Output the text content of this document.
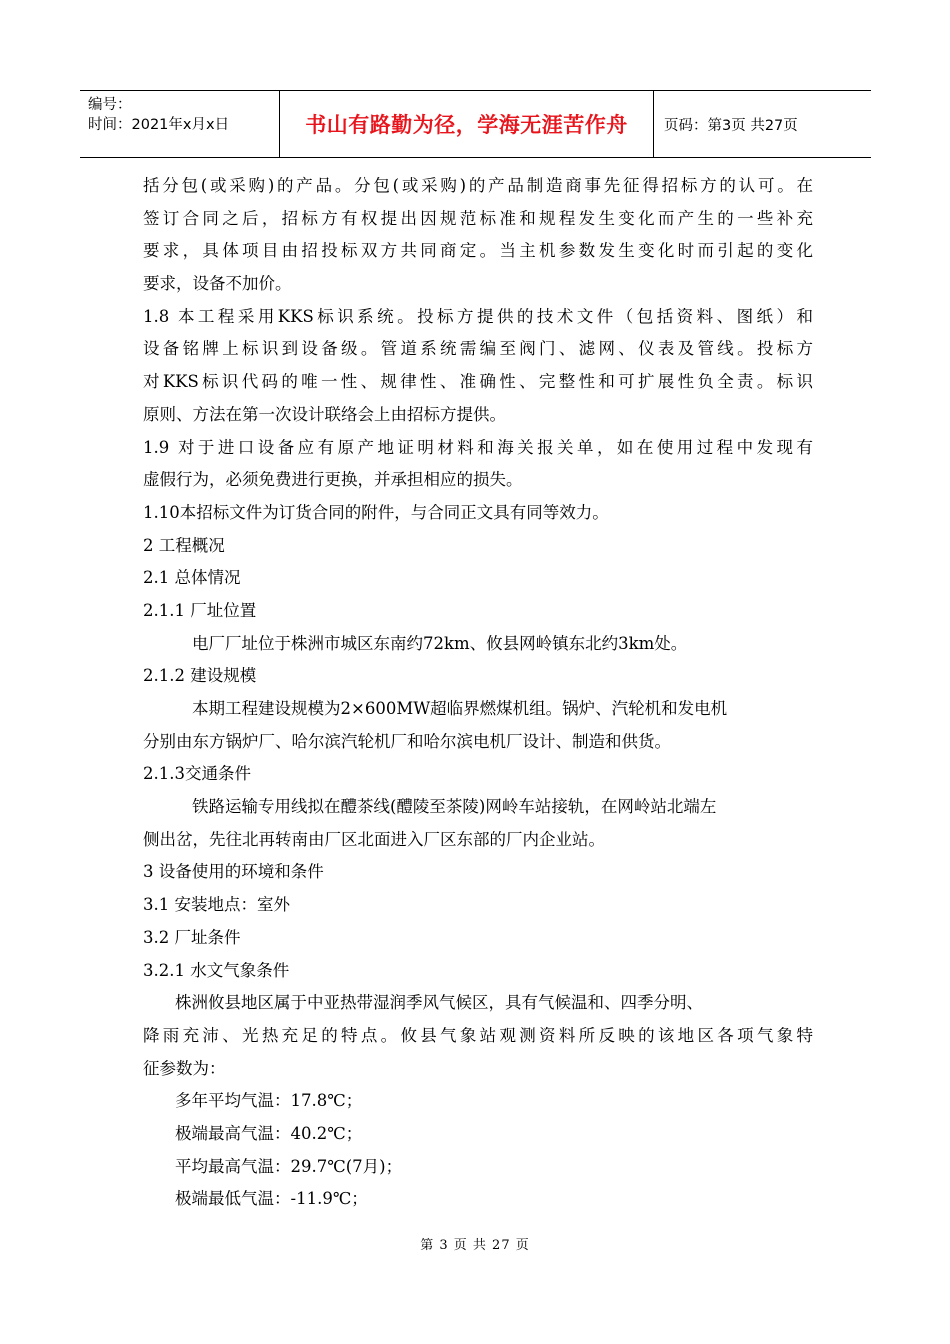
编号：
时间：2021年x月x日	书山有路勤为径，学海无涯苦作舟	页码：第3页 共27页
括分包(或采购)的产品。分包(或采购)的产品制造商事先征得招标方的认可。在
签订合同之后，招标方有权提出因规范标准和规程发生变化而产生的一些补充
要求，具体项目由招投标双方共同商定。当主机参数发生变化时而引起的变化
要求，设备不加价。
1.8 本工程采用KKS标识系统。投标方提供的技术文件（包括资料、图纸）和
设备铭牌上标识到设备级。管道系统需编至阀门、滤网、仪表及管线。投标方
对KKS标识代码的唯一性、规律性、准确性、完整性和可扩展性负全责。标识
原则、方法在第一次设计联络会上由招标方提供。
1.9 对于进口设备应有原产地证明材料和海关报关单，如在使用过程中发现有
虚假行为，必须免费进行更换，并承担相应的损失。
1.10本招标文件为订货合同的附件，与合同正文具有同等效力。
2 工程概况
2.1 总体情况
2.1.1 厂址位置
电厂厂址位于株洲市城区东南约72km、攸县网岭镇东北约3km处。
2.1.2 建设规模
本期工程建设规模为2×600MW超临界燃煤机组。锅炉、汽轮机和发电机
分别由东方锅炉厂、哈尔滨汽轮机厂和哈尔滨电机厂设计、制造和供货。
2.1.3交通条件
铁路运输专用线拟在醴茶线(醴陵至茶陵)网岭车站接轨，在网岭站北端左
侧出岔，先往北再转南由厂区北面进入厂区东部的厂内企业站。
3 设备使用的环境和条件
3.1 安装地点：室外
3.2 厂址条件
3.2.1 水文气象条件
株洲攸县地区属于中亚热带湿润季风气候区，具有气候温和、四季分明、
降雨充沛、光热充足的特点。攸县气象站观测资料所反映的该地区各项气象特
征参数为：
多年平均气温：17.8℃；
极端最高气温：40.2℃；
平均最高气温：29.7℃(7月)；
极端最低气温：-11.9℃；
第 3 页 共 27 页
